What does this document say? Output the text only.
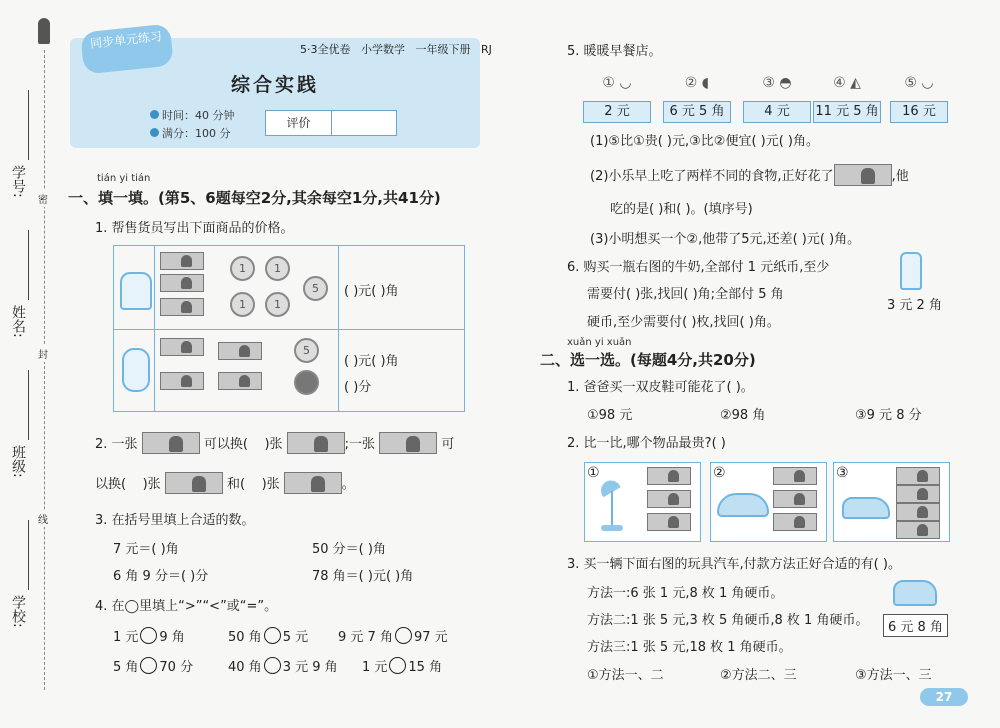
密
封
线
学号:
姓名:
班级:
学校:
5·3全优卷 小学数学 一年级下册 RJ
同步单元练习
综合实践
时间：40 分钟
满分：100 分
评价
tián yi tián
一、填一填。(第5、6题每空2分,其余每空1分,共41分)
1. 帮售货员写出下面商品的价格。
1	1
5
1	1
( )元( )角
5
( )元( )角
( )分
2. 一张	可以换( )张	;一张	可
以换( )张	和( )张	。
3. 在括号里填上合适的数。
7 元＝( )角	50 分＝( )角
6 角 9 分＝( )分	78 角＝( )元( )角
4. 在◯里填上“>”“<”或“=”。
1 元 9 角	50 角 5 元 9 元 7 角 97 元
5 角 70 分	40 角 3 元 9 角 1 元 15 角
5. 暖暖早餐店。
① ◡
2 元
② ◖
6 元 5 角
③ ◓
4 元
④ ◭
11 元 5 角
⑤ ◡
16 元
(1)⑤比①贵( )元,③比②便宜( )元( )角。
(2)小乐早上吃了两样不同的食物,正好花了	,他
吃的是( )和( )。(填序号)
(3)小明想买一个②,他带了5元,还差( )元( )角。
6. 购买一瓶右图的牛奶,全部付 1 元纸币,至少
需要付( )张,找回( )角;全部付 5 角
硬币,至少需要付( )枚,找回( )角。
3 元 2 角
xuǎn yi xuǎn
二、选一选。(每题4分,共20分)
1. 爸爸买一双皮鞋可能花了( )。
①98 元	②98 角	③9 元 8 分
2. 比一比,哪个物品最贵?( )
①	②	③
3. 买一辆下面右图的玩具汽车,付款方法正好合适的有( )。
方法一:6 张 1 元,8 枚 1 角硬币。
方法二:1 张 5 元,3 枚 5 角硬币,8 枚 1 角硬币。
方法三:1 张 5 元,18 枚 1 角硬币。
6 元 8 角
①方法一、二	②方法二、三	③方法一、三
27
